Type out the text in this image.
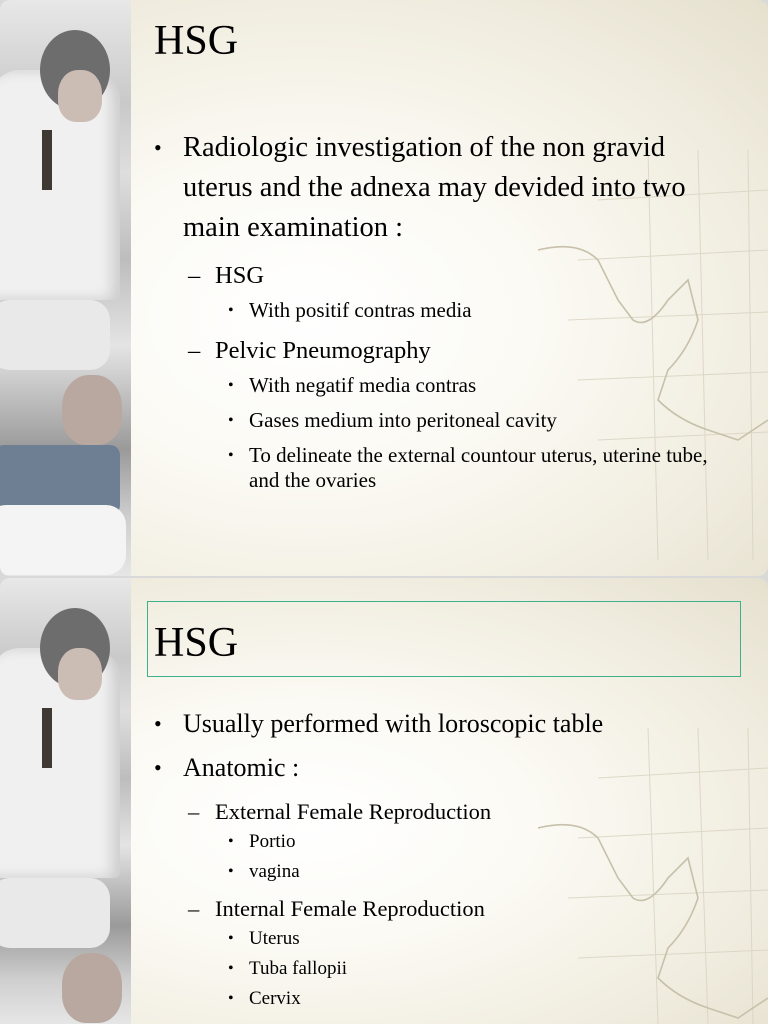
HSG
• Radiologic investigation of the non gravid uterus and the adnexa may devided into two main examination :
– HSG
• With positif contras media
– Pelvic Pneumography
• With negatif media contras
• Gases medium into peritoneal cavity
• To delineate the external countour uterus, uterine tube, and the ovaries
HSG
• Usually performed with loroscopic table
• Anatomic :
– External Female Reproduction
• Portio
• vagina
– Internal Female Reproduction
• Uterus
• Tuba fallopii
• Cervix
